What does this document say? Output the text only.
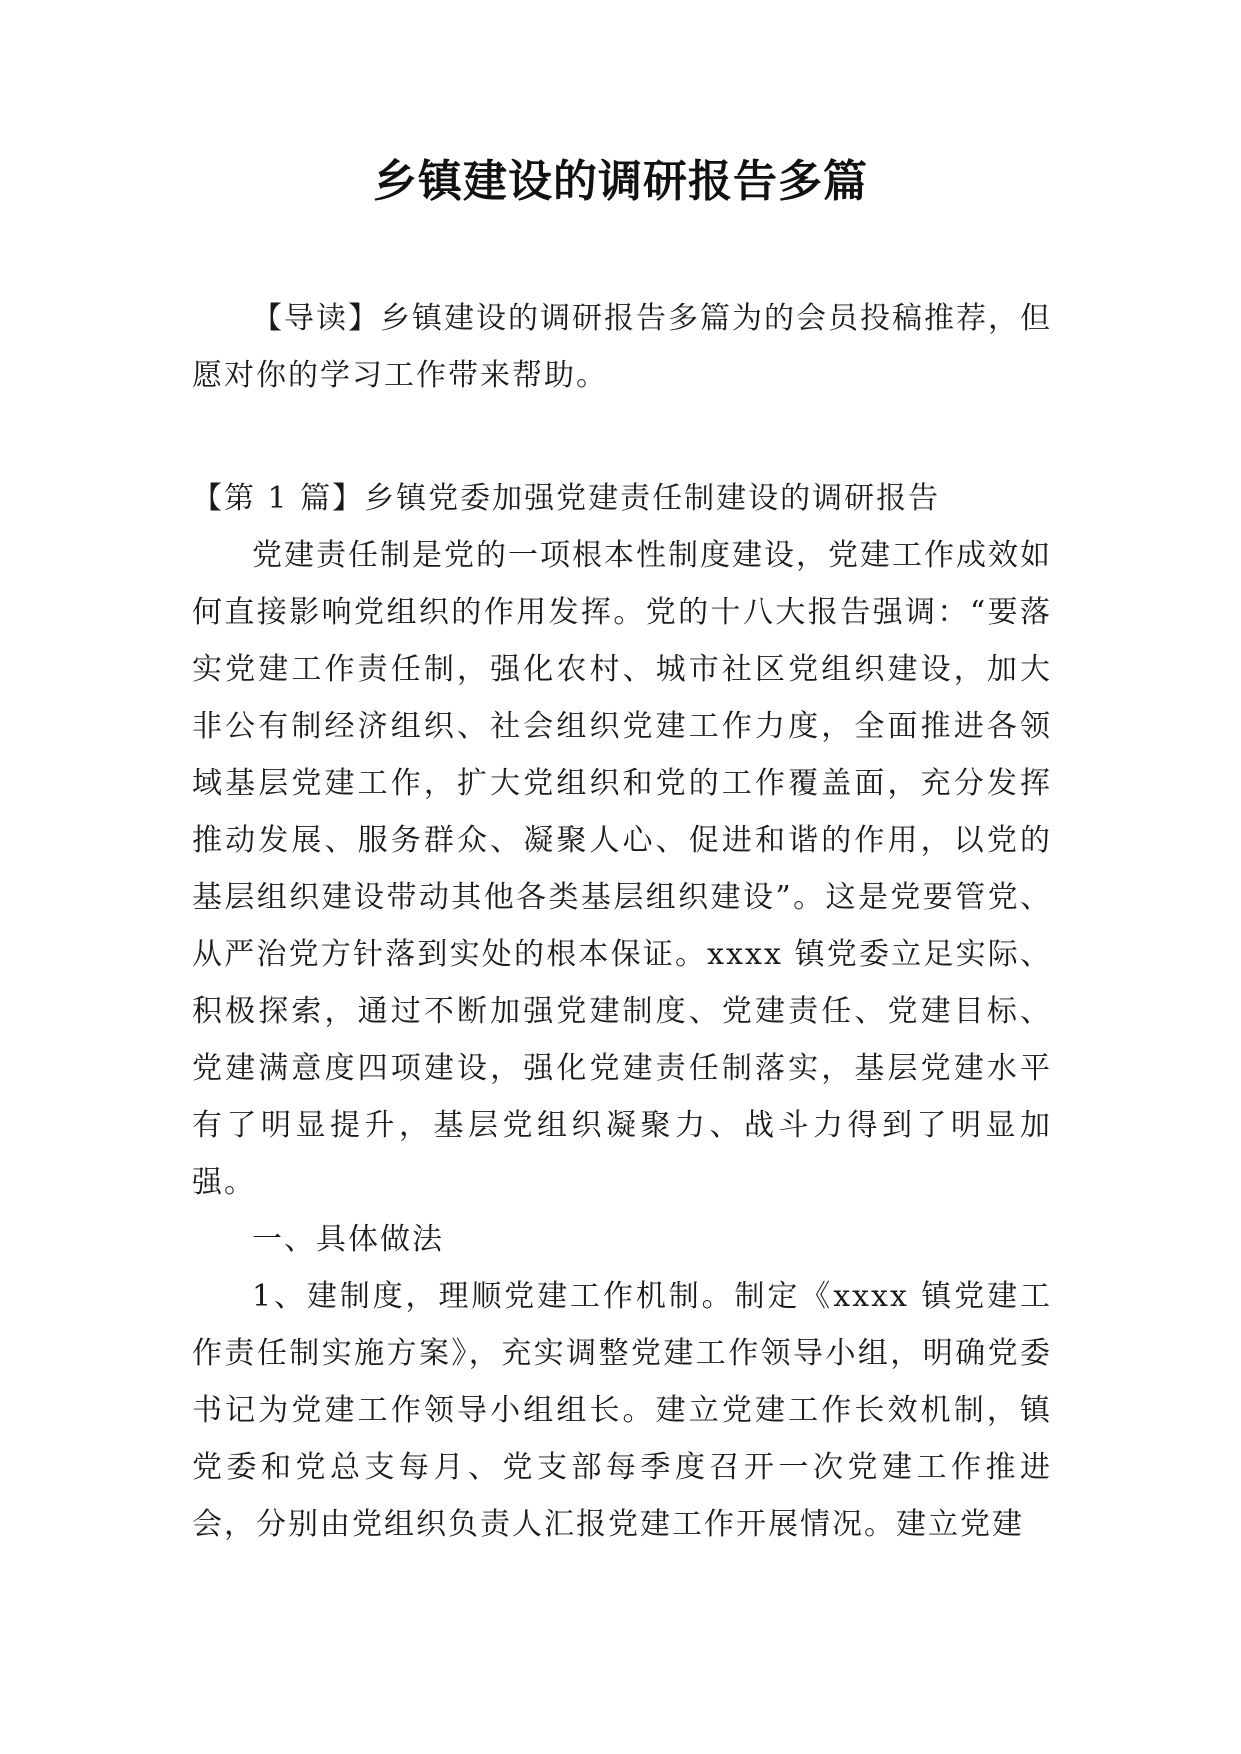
乡镇建设的调研报告多篇

【导读】乡镇建设的调研报告多篇为的会员投稿推荐，但愿对你的学习工作带来帮助。

【第 1 篇】乡镇党委加强党建责任制建设的调研报告

党建责任制是党的一项根本性制度建设，党建工作成效如何直接影响党组织的作用发挥。党的十八大报告强调：“要落实党建工作责任制，强化农村、城市社区党组织建设，加大非公有制经济组织、社会组织党建工作力度，全面推进各领域基层党建工作，扩大党组织和党的工作覆盖面，充分发挥推动发展、服务群众、凝聚人心、促进和谐的作用，以党的基层组织建设带动其他各类基层组织建设”。这是党要管党、从严治党方针落到实处的根本保证。xxxx 镇党委立足实际、积极探索，通过不断加强党建制度、党建责任、党建目标、党建满意度四项建设，强化党建责任制落实，基层党建水平有了明显提升，基层党组织凝聚力、战斗力得到了明显加强。

一、具体做法

1、建制度，理顺党建工作机制。制定《xxxx 镇党建工作责任制实施方案》，充实调整党建工作领导小组，明确党委书记为党建工作领导小组组长。建立党建工作长效机制，镇党委和党总支每月、党支部每季度召开一次党建工作推进会，分别由党组织负责人汇报党建工作开展情况。建立党建
